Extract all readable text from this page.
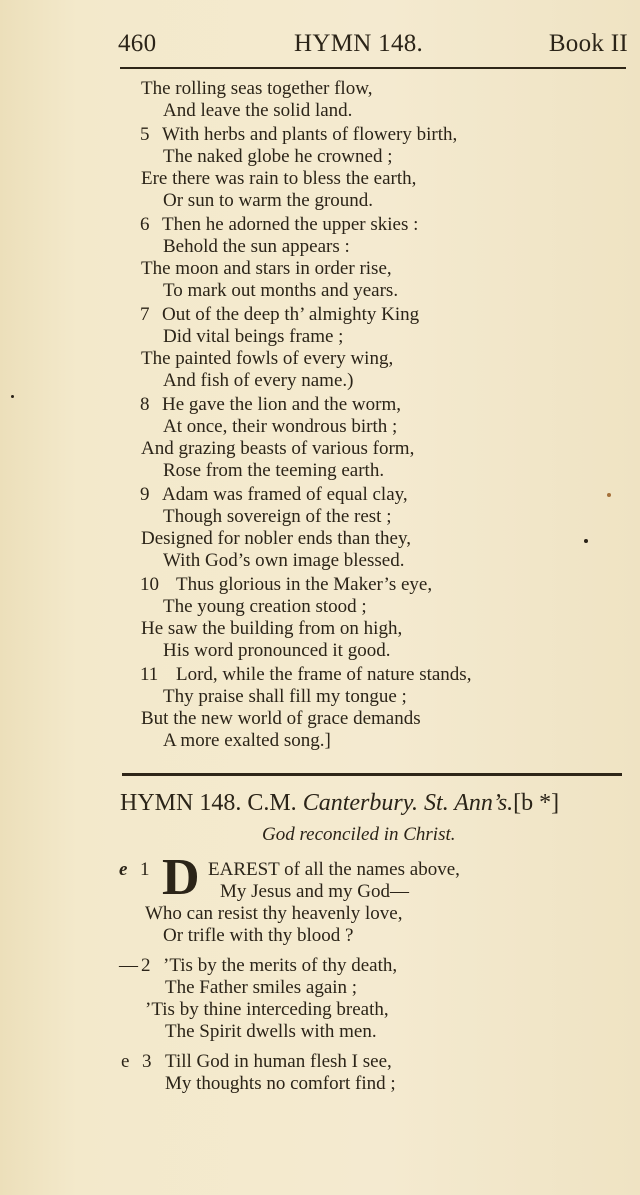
460	HYMN 148.	Book II
The rolling seas together flow,
And leave the solid land.
5 With herbs and plants of flowery birth,
The naked globe he crowned ;
Ere there was rain to bless the earth,
Or sun to warm the ground.
6 Then he adorned the upper skies :
Behold the sun appears :
The moon and stars in order rise,
To mark out months and years.
7 Out of the deep th’ almighty King
Did vital beings frame ;
The painted fowls of every wing,
And fish of every name.)
8 He gave the lion and the worm,
At once, their wondrous birth ;
And grazing beasts of various form,
Rose from the teeming earth.
9 Adam was framed of equal clay,
Though sovereign of the rest ;
Designed for nobler ends than they,
With God’s own image blessed.
10 Thus glorious in the Maker’s eye,
The young creation stood ;
He saw the building from on high,
His word pronounced it good.
11 Lord, while the frame of nature stands,
Thy praise shall fill my tongue ;
But the new world of grace demands
A more exalted song.]
HYMN 148. C.M. Canterbury. St. Ann’s.[b *]
God reconciled in Christ.
e 1 D EAREST of all the names above,
My Jesus and my God—
Who can resist thy heavenly love,
Or trifle with thy blood ?
— 2 ’Tis by the merits of thy death,
The Father smiles again ;
’Tis by thine interceding breath,
The Spirit dwells with men.
e 3 Till God in human flesh I see,
My thoughts no comfort find ;
